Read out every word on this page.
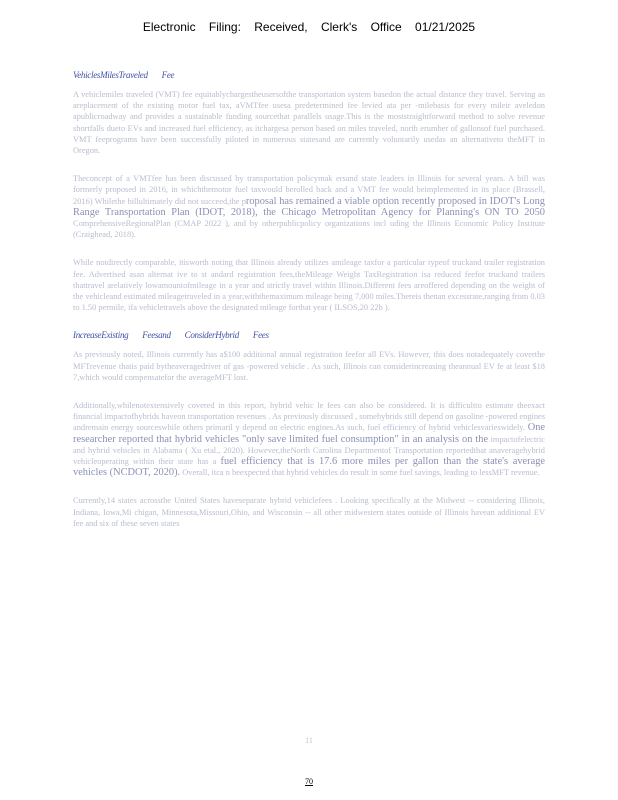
Electronic Filing: Received, Clerk's Office 01/21/2025
VehiclesMilesTraveled Fee

A vehiclemiles traveled (VMT) fee equitablychargestheusersofthe transportation system basedon the actual distance they travel. Serving as areplacement of the existing motor fuel tax, aVMTfee usesa predetermined fee levied ata per -milebasis for every mileir aveledon apublicroadway and provides a sustainable funding sourcethat parallels usage.This is the moststraightforward method to solve revenue shortfalls dueto EVs and increased fuel efficiency, as itchargesa person based on miles traveled, north erumber of gallonsof fuel purchased. VMT feeprograms have been successfully piloted in numerous statesand are currently voluntarily usedas an alternativeto theMFT in Oregon.

Theconcept of a VMTfee has been discussed by transportation policymak ersand state leaders in Illinois for several years. A bill was formerly proposed in 2016, in whichthemotor fuel taxwould berolled back and a VMT fee would beimplemented in its place (Brassell, 2016) Whilethe billultimately did not succeed,the proposal has remained a viable option recently proposed in IDOT's Long Range Transportation Plan (IDOT, 2018), the Chicago Metropolitan Agency for Planning's ON TO 2050 ComprehensiveRegionalPlan (CMAP 2022 ), and by otherpublicpolicy organizations incl uding the Illinois Economic Policy Institute (Craighead, 2018).

While notdirectly comparable, itisworth noting that Illinois already utilizes amileage taxfor a particular typeof truckand trailer registration fee. Advertised asan alternat ive to st andard registration fees,theMileage Weight TaxRegistration isa reduced feefor truckand trailers thattravel arelatively lowamountofmileage in a year and strictly travel within Illinois.Different fees areoffered depending on the weight of the vehicleand estimated mileagetraveled in a year,withthemaximum mileage being 7,000 miles.Thereis thenan excessrate,ranging from 0.03 to 1.50 permile, ifa vehicletravels above the designated mileage forthat year ( ILSOS,20 22b ).

IncreaseExisting Feesand ConsiderHybrid Fees

As previously noted, Illinois currently has a$100 additional annual registration feefor all EVs. However, this does notadequately coverthe MFTrevenue thatis paid bytheaveragedriver of gas -powered vehicle . As such, Illinois can considerincreasing theannual EV fe at least $18 7,which would compensatefor the averageMFT lost.

Additionally,whilenotextensively covered in this report, hybrid vehic le fees can also be considered. It is difficultto estimate theexact financial impactofhybrids haveon transportation revenues . As previously discussed , somehybrids still depend on gasoline -powered engines andremain energy sourceswhile others primaril y depend on electric engines.As such, fuel efficiency of hybrid vehiclesvarieswidely. One researcher reported that hybrid vehicles "only save limited fuel consumption" in an analysis on the impactofelectric and hybrid vehicles in Alabama ( Xu etal., 2020). However,theNorth Carolina Departmentof Transportation reportedthat anaveragehybrid vehicleoperating within their state has a fuel efficiency that is 17.6 more miles per gallon than the state's average vehicles (NCDOT, 2020). Overall, itca n beexpected that hybrid vehicles do result in some fuel savings, leading to lessMFT revenue.

Currently,14 states acrossthe United States haveseparate hybrid vehiclefees . Looking specifically at the Midwest -- considering Illinois, Indiana, Iowa,Mi chigan, Minnesota,Missouri,Ohio, and Wisconsin -- all other midwestern states outside of Illinois havean additional EV fee and six of these seven states

11
70
